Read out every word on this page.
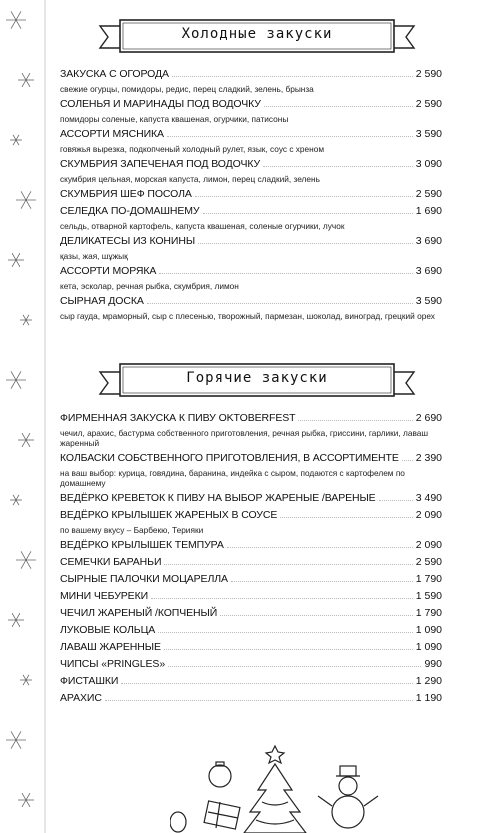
Холодные закуски
ЗАКУСКА С ОГОРОДА	2 590
свежие огурцы, помидоры, редис, перец сладкий, зелень, брынза
СОЛЕНЬЯ И МАРИНАДЫ ПОД ВОДОЧКУ	2 590
помидоры соленые, капуста квашеная, огурчики, патисоны
АССОРТИ МЯСНИКА	3 590
говяжья вырезка, подкопченый холодный рулет, язык, соус с хреном
СКУМБРИЯ ЗАПЕЧЕНАЯ ПОД ВОДОЧКУ	3 090
скумбрия цельная, морская капуста, лимон, перец сладкий, зелень
СКУМБРИЯ ШЕФ ПОСОЛА	2 590
СЕЛЕДКА ПО-ДОМАШНЕМУ	1 690
сельдь, отварной картофель, капуста квашеная, соленые огурчики, лучок
ДЕЛИКАТЕСЫ ИЗ КОНИНЫ	3 690
қазы, жая, шұжық
АССОРТИ МОРЯКА	3 690
кета, эсколар, речная рыбка, скумбрия, лимон
СЫРНАЯ ДОСКА	3 590
сыр гауда, мраморный, сыр с плесенью, творожный, пармезан, шоколад, виноград, грецкий орех
Горячие закуски
ФИРМЕННАЯ ЗАКУСКА К ПИВУ OKTOBERFEST	2 690
чечил, арахис, бастурма собственного приготовления, речная рыбка, гриссини, гарлики, лаваш жаренный
КОЛБАСКИ СОБСТВЕННОГО ПРИГОТОВЛЕНИЯ, В АССОРТИМЕНТЕ 2 390
на ваш выбор: курица, говядина, баранина, индейка с сыром, подаются с картофелем по домашнему
ВЕДЁРКО КРЕВЕТОК К ПИВУ НА ВЫБОР ЖАРЕНЫЕ /ВАРЕНЫЕ	3 490
ВЕДЁРКО КРЫЛЫШЕК ЖАРЕНЫХ В СОУСЕ	2 090
по вашему вкусу – Барбекю, Терияки
ВЕДЁРКО КРЫЛЫШЕК ТЕМПУРА	2 090
СЕМЕЧКИ БАРАНЬИ	2 590
СЫРНЫЕ ПАЛОЧКИ МОЦАРЕЛЛА	1 790
МИНИ ЧЕБУРЕКИ	1 590
ЧЕЧИЛ ЖАРЕНЫЙ /КОПЧЕНЫЙ	1 790
ЛУКОВЫЕ КОЛЬЦА	1 090
ЛАВАШ ЖАРЕННЫЕ	1 090
ЧИПСЫ «PRINGLES»	990
ФИСТАШКИ	1 290
АРАХИС	1 190
